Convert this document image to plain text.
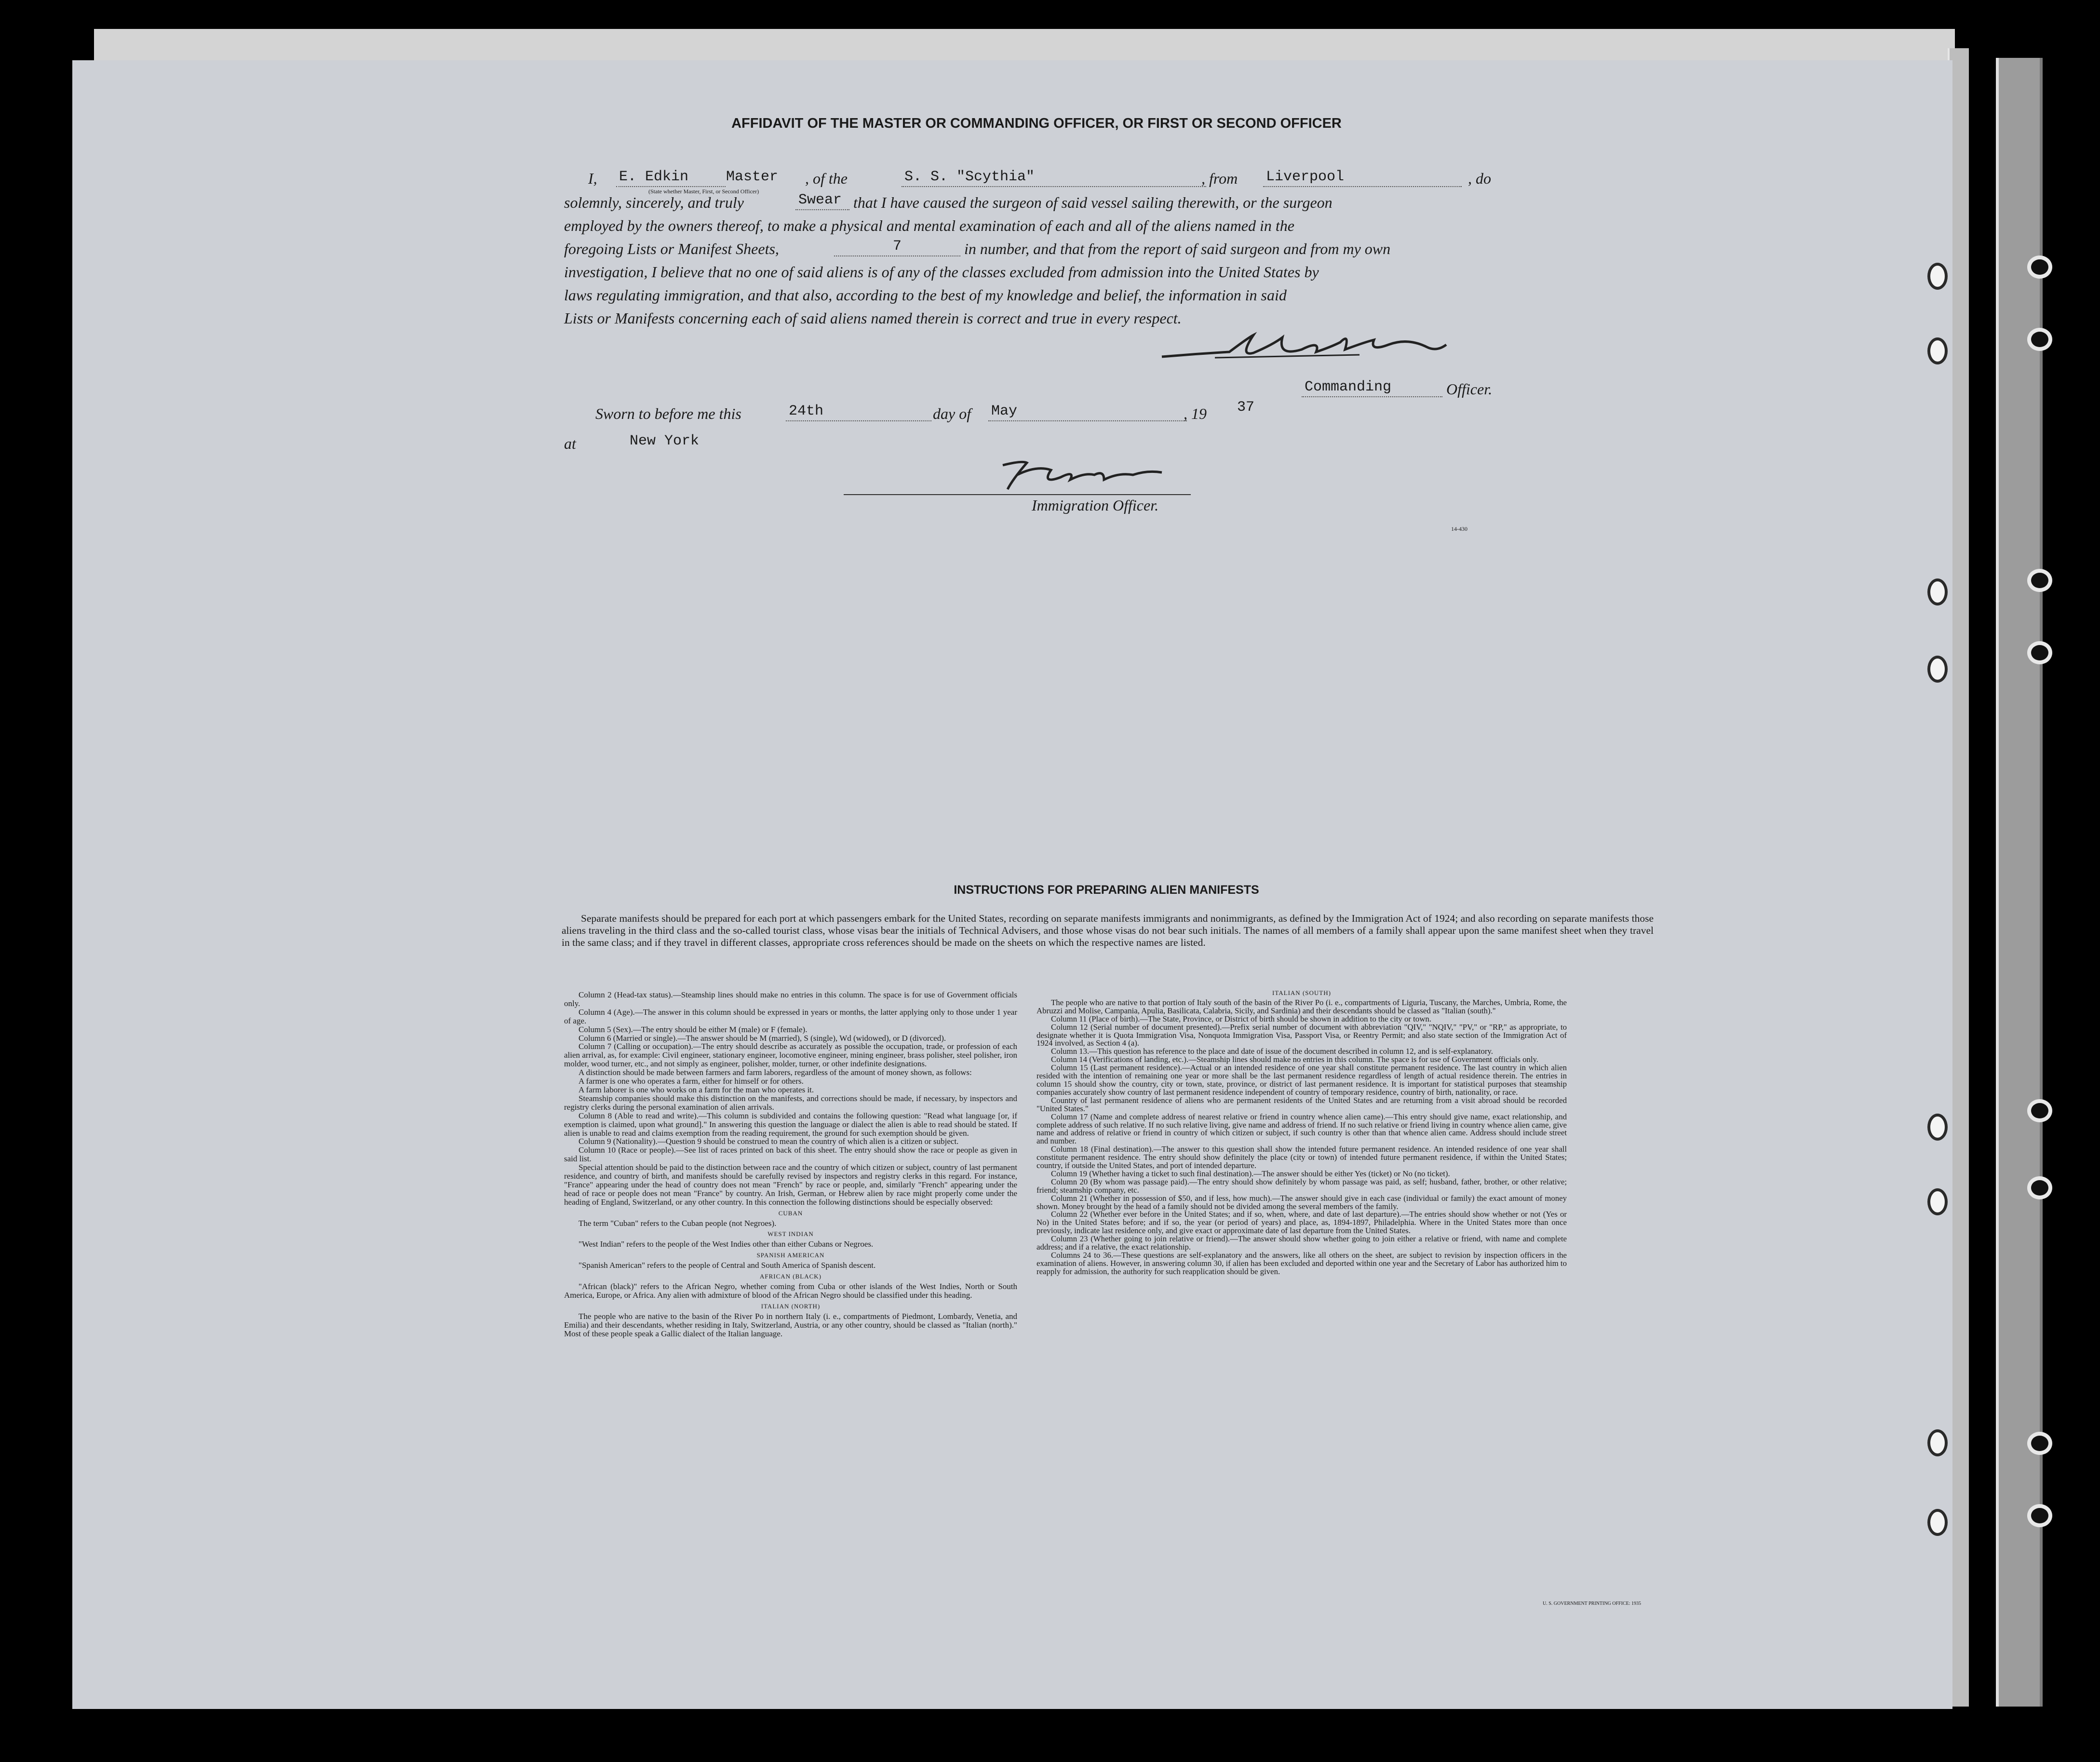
AFFIDAVIT OF THE MASTER OR COMMANDING OFFICER, OR FIRST OR SECOND OFFICER
I, E. Edkin	Master
(State whether Master, First, or Second Officer)
, of the	S. S. "Scythia"	, from Liverpool	, do
solemnly, sincerely, and truly	Swear that I have caused the surgeon of said vessel sailing therewith, or the surgeon
employed by the owners thereof, to make a physical and mental examination of each and all of the aliens named in the
foregoing Lists or Manifest Sheets,	7	in number, and that from the report of said surgeon and from my own
investigation, I believe that no one of said aliens is of any of the classes excluded from admission into the United States by
laws regulating immigration, and that also, according to the best of my knowledge and belief, the information in said
Lists or Manifests concerning each of said aliens named therein is correct and true in every respect.
Commanding	Officer.
Sworn to before me this	24th	day of May	, 19 37
at	New York
Immigration Officer.
14-430
INSTRUCTIONS FOR PREPARING ALIEN MANIFESTS

Separate manifests should be prepared for each port at which passengers embark for the United States, recording on separate manifests immigrants and nonimmigrants, as defined by the Immigration Act of 1924; and also recording on separate manifests those aliens traveling in the third class and the so-called tourist class, whose visas bear the initials of Technical Advisers, and those whose visas do not bear such initials. The names of all members of a family shall appear upon the same manifest sheet when they travel in the same class; and if they travel in different classes, appropriate cross references should be made on the sheets on which the respective names are listed.

Column 2 (Head-tax status).—Steamship lines should make no entries in this column. The space is for use of Government officials only.

Column 4 (Age).—The answer in this column should be expressed in years or months, the latter applying only to those under 1 year of age.

Column 5 (Sex).—The entry should be either M (male) or F (female).

Column 6 (Married or single).—The answer should be M (married), S (single), Wd (widowed), or D (divorced).

Column 7 (Calling or occupation).—The entry should describe as accurately as possible the occupation, trade, or profession of each alien arrival, as, for example: Civil engineer, stationary engineer, locomotive engineer, mining engineer, brass polisher, steel polisher, iron molder, wood turner, etc., and not simply as engineer, polisher, molder, turner, or other indefinite designations.

A distinction should be made between farmers and farm laborers, regardless of the amount of money shown, as follows:

A farmer is one who operates a farm, either for himself or for others.

A farm laborer is one who works on a farm for the man who operates it.

Steamship companies should make this distinction on the manifests, and corrections should be made, if necessary, by inspectors and registry clerks during the personal examination of alien arrivals.

Column 8 (Able to read and write).—This column is subdivided and contains the following question: "Read what language [or, if exemption is claimed, upon what ground]." In answering this question the language or dialect the alien is able to read should be stated. If alien is unable to read and claims exemption from the reading requirement, the ground for such exemption should be given.

Column 9 (Nationality).—Question 9 should be construed to mean the country of which alien is a citizen or subject.

Column 10 (Race or people).—See list of races printed on back of this sheet. The entry should show the race or people as given in said list.

Special attention should be paid to the distinction between race and the country of which citizen or subject, country of last permanent residence, and country of birth, and manifests should be carefully revised by inspectors and registry clerks in this regard. For instance, "France" appearing under the head of country does not mean "French" by race or people, and, similarly "French" appearing under the head of race or people does not mean "France" by country. An Irish, German, or Hebrew alien by race might properly come under the heading of England, Switzerland, or any other country. In this connection the following distinctions should be especially observed:

CUBAN

The term "Cuban" refers to the Cuban people (not Negroes).

WEST INDIAN

"West Indian" refers to the people of the West Indies other than either Cubans or Negroes.

SPANISH AMERICAN

"Spanish American" refers to the people of Central and South America of Spanish descent.

AFRICAN (BLACK)

"African (black)" refers to the African Negro, whether coming from Cuba or other islands of the West Indies, North or South America, Europe, or Africa. Any alien with admixture of blood of the African Negro should be classified under this heading.

ITALIAN (NORTH)

The people who are native to the basin of the River Po in northern Italy (i. e., compartments of Piedmont, Lombardy, Venetia, and Emilia) and their descendants, whether residing in Italy, Switzerland, Austria, or any other country, should be classed as "Italian (north)." Most of these people speak a Gallic dialect of the Italian language.

ITALIAN (SOUTH)

The people who are native to that portion of Italy south of the basin of the River Po (i. e., compartments of Liguria, Tuscany, the Marches, Umbria, Rome, the Abruzzi and Molise, Campania, Apulia, Basilicata, Calabria, Sicily, and Sardinia) and their descendants should be classed as "Italian (south)."

Column 11 (Place of birth).—The State, Province, or District of birth should be shown in addition to the city or town.

Column 12 (Serial number of document presented).—Prefix serial number of document with abbreviation "QIV," "NQIV," "PV," or "RP," as appropriate, to designate whether it is Quota Immigration Visa, Nonquota Immigration Visa, Passport Visa, or Reentry Permit; and also state section of the Immigration Act of 1924 involved, as Section 4 (a).

Column 13.—This question has reference to the place and date of issue of the document described in column 12, and is self-explanatory.

Column 14 (Verifications of landing, etc.).—Steamship lines should make no entries in this column. The space is for use of Government officials only.

Column 15 (Last permanent residence).—Actual or an intended residence of one year shall constitute permanent residence. The last country in which alien resided with the intention of remaining one year or more shall be the last permanent residence regardless of length of actual residence therein. The entries in column 15 should show the country, city or town, state, province, or district of last permanent residence. It is important for statistical purposes that steamship companies accurately show country of last permanent residence independent of country of temporary residence, country of birth, nationality, or race.

Country of last permanent residence of aliens who are permanent residents of the United States and are returning from a visit abroad should be recorded "United States."

Column 17 (Name and complete address of nearest relative or friend in country whence alien came).—This entry should give name, exact relationship, and complete address of such relative. If no such relative living, give name and address of friend. If no such relative or friend living in country whence alien came, give name and address of relative or friend in country of which citizen or subject, if such country is other than that whence alien came. Address should include street and number.

Column 18 (Final destination).—The answer to this question shall show the intended future permanent residence. An intended residence of one year shall constitute permanent residence. The entry should show definitely the place (city or town) of intended future permanent residence, if within the United States; country, if outside the United States, and port of intended departure.

Column 19 (Whether having a ticket to such final destination).—The answer should be either Yes (ticket) or No (no ticket).

Column 20 (By whom was passage paid).—The entry should show definitely by whom passage was paid, as self; husband, father, brother, or other relative; friend; steamship company, etc.

Column 21 (Whether in possession of $50, and if less, how much).—The answer should give in each case (individual or family) the exact amount of money shown. Money brought by the head of a family should not be divided among the several members of the family.

Column 22 (Whether ever before in the United States; and if so, when, where, and date of last departure).—The entries should show whether or not (Yes or No) in the United States before; and if so, the year (or period of years) and place, as, 1894-1897, Philadelphia. Where in the United States more than once previously, indicate last residence only, and give exact or approximate date of last departure from the United States.

Column 23 (Whether going to join relative or friend).—The answer should show whether going to join either a relative or friend, with name and complete address; and if a relative, the exact relationship.

Columns 24 to 36.—These questions are self-explanatory and the answers, like all others on the sheet, are subject to revision by inspection officers in the examination of aliens. However, in answering column 30, if alien has been excluded and deported within one year and the Secretary of Labor has authorized him to reapply for admission, the authority for such reapplication should be given.

U. S. GOVERNMENT PRINTING OFFICE: 1935
